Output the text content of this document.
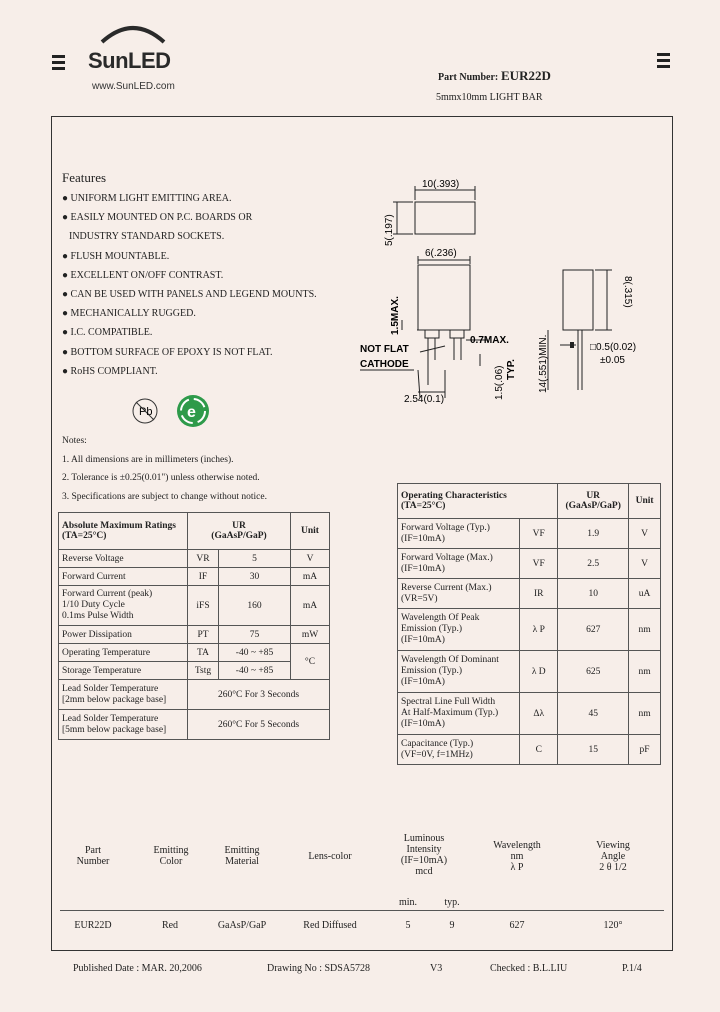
SunLED
www.SunLED.com
Part Number: EUR22D
5mmx10mm LIGHT BAR
Features
● UNIFORM LIGHT EMITTING AREA.
● EASILY MOUNTED ON P.C. BOARDS OR
INDUSTRY STANDARD SOCKETS.
● FLUSH MOUNTABLE.
● EXCELLENT ON/OFF CONTRAST.
● CAN BE USED WITH PANELS AND LEGEND MOUNTS.
● MECHANICALLY RUGGED.
● I.C. COMPATIBLE.
● BOTTOM SURFACE OF EPOXY IS NOT FLAT.
● RoHS COMPLIANT.
Pb e
10(.393)
5(.197)
6(.236)
1.5MAX.
0.7MAX.
NOT FLAT
CATHODE
1.5(.06) TYP.
2.54(0.1)
8(.315)
14(.551)MIN.	□0.5(0.02)
±0.05
Notes:
1. All dimensions are in millimeters (inches).
2. Tolerance is ±0.25(0.01") unless otherwise noted.
3. Specifications are subject to change without notice.
Absolute Maximum Ratings
(TA=25°C)	UR
(GaAsP/GaP)		Unit
Reverse Voltage	VR	5	V
Forward Current	IF	30	mA
Forward Current (peak)
1/10 Duty Cycle
0.1ms Pulse Width	iFS	160	mA
Power Dissipation	PT	75	mW
Operating Temperature	TA	-40 ~ +85	°C
Storage Temperature	Tstg	-40 ~ +85	
Lead Solder Temperature
[2mm below package base]	260°C For 3 Seconds		
Lead Solder Temperature
[5mm below package base]	260°C For 5 Seconds		
Operating Characteristics
(TA=25°C)		UR
(GaAsP/GaP)	Unit
Forward Voltage (Typ.)
(IF=10mA)	VF	1.9	V
Forward Voltage (Max.)
(IF=10mA)	VF	2.5	V
Reverse Current (Max.)
(VR=5V)	IR	10	uA
Wavelength Of Peak
Emission (Typ.)
(IF=10mA)	λ P	627	nm
Wavelength Of Dominant
Emission (Typ.)
(IF=10mA)	λ D	625	nm
Spectral Line Full Width
At Half-Maximum (Typ.)
(IF=10mA)	Δλ	45	nm
Capacitance (Typ.)
(VF=0V, f=1MHz)	C	15	pF
Part
Number
Emitting
Color
Emitting
Material	Lens-color
Luminous
Intensity
(IF=10mA)
mcd
Wavelength
nm
λ P
Viewing
Angle
2 θ 1/2
min.	typ.
EUR22D	Red	GaAsP/GaP	Red Diffused	5	9	627	120°
Published Date : MAR. 20,2006	Drawing No : SDSA5728	V3	Checked : B.L.LIU	P.1/4
